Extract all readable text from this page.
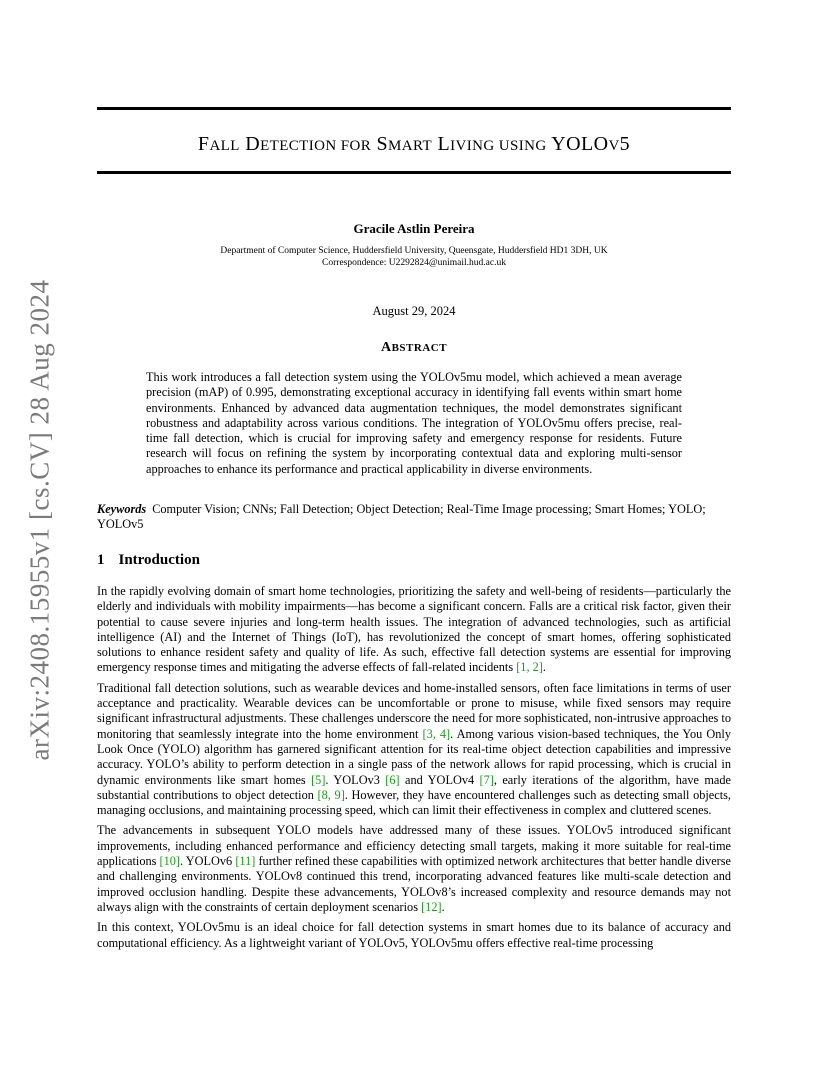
arXiv:2408.15955v1 [cs.CV] 28 Aug 2024
FALL DETECTION FOR SMART LIVING USING YOLOV5
Gracile Astlin Pereira
Department of Computer Science, Huddersfield University, Queensgate, Huddersfield HD1 3DH, UK
Correspondence: U2292824@unimail.hud.ac.uk
August 29, 2024
ABSTRACT
This work introduces a fall detection system using the YOLOv5mu model, which achieved a mean average precision (mAP) of 0.995, demonstrating exceptional accuracy in identifying fall events within smart home environments. Enhanced by advanced data augmentation techniques, the model demonstrates significant robustness and adaptability across various conditions. The integration of YOLOv5mu offers precise, real-time fall detection, which is crucial for improving safety and emergency response for residents. Future research will focus on refining the system by incorporating contextual data and exploring multi-sensor approaches to enhance its performance and practical applicability in diverse environments.
Keywords Computer Vision; CNNs; Fall Detection; Object Detection; Real-Time Image processing; Smart Homes; YOLO; YOLOv5
1 Introduction

In the rapidly evolving domain of smart home technologies, prioritizing the safety and well-being of residents—particularly the elderly and individuals with mobility impairments—has become a significant concern. Falls are a critical risk factor, given their potential to cause severe injuries and long-term health issues. The integration of advanced technologies, such as artificial intelligence (AI) and the Internet of Things (IoT), has revolutionized the concept of smart homes, offering sophisticated solutions to enhance resident safety and quality of life. As such, effective fall detection systems are essential for improving emergency response times and mitigating the adverse effects of fall-related incidents [1, 2].

Traditional fall detection solutions, such as wearable devices and home-installed sensors, often face limitations in terms of user acceptance and practicality. Wearable devices can be uncomfortable or prone to misuse, while fixed sensors may require significant infrastructural adjustments. These challenges underscore the need for more sophisticated, non-intrusive approaches to monitoring that seamlessly integrate into the home environment [3, 4]. Among various vision-based techniques, the You Only Look Once (YOLO) algorithm has garnered significant attention for its real-time object detection capabilities and impressive accuracy. YOLO’s ability to perform detection in a single pass of the network allows for rapid processing, which is crucial in dynamic environments like smart homes [5]. YOLOv3 [6] and YOLOv4 [7], early iterations of the algorithm, have made substantial contributions to object detection [8, 9]. However, they have encountered challenges such as detecting small objects, managing occlusions, and maintaining processing speed, which can limit their effectiveness in complex and cluttered scenes.

The advancements in subsequent YOLO models have addressed many of these issues. YOLOv5 introduced significant improvements, including enhanced performance and efficiency detecting small targets, making it more suitable for real-time applications [10]. YOLOv6 [11] further refined these capabilities with optimized network architectures that better handle diverse and challenging environments. YOLOv8 continued this trend, incorporating advanced features like multi-scale detection and improved occlusion handling. Despite these advancements, YOLOv8’s increased complexity and resource demands may not always align with the constraints of certain deployment scenarios [12].

In this context, YOLOv5mu is an ideal choice for fall detection systems in smart homes due to its balance of accuracy and computational efficiency. As a lightweight variant of YOLOv5, YOLOv5mu offers effective real-time processing
